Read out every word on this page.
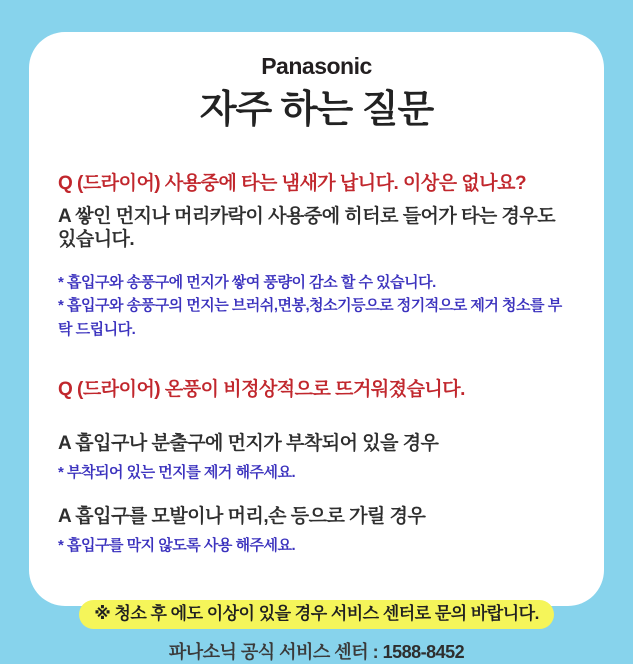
Panasonic
자주 하는 질문
Q (드라이어) 사용중에 타는 냄새가 납니다. 이상은 없나요?
A 쌓인 먼지나 머리카락이 사용중에 히터로 들어가 타는 경우도 있습니다.
* 흡입구와 송풍구에 먼지가 쌓여 풍량이 감소 할 수 있습니다.
* 흡입구와 송풍구의 먼지는 브러쉬,면봉,청소기등으로 정기적으로 제거 청소를 부탁 드립니다.
Q (드라이어) 온풍이 비정상적으로 뜨거워졌습니다.
A 흡입구나 분출구에 먼지가 부착되어 있을 경우
* 부착되어 있는 먼지를 제거 해주세요.
A 흡입구를 모발이나 머리,손 등으로 가릴 경우
* 흡입구를 막지 않도록 사용 해주세요.
※ 청소 후 에도 이상이 있을 경우 서비스 센터로 문의 바랍니다.
파나소닉 공식 서비스 센터 : 1588-8452
